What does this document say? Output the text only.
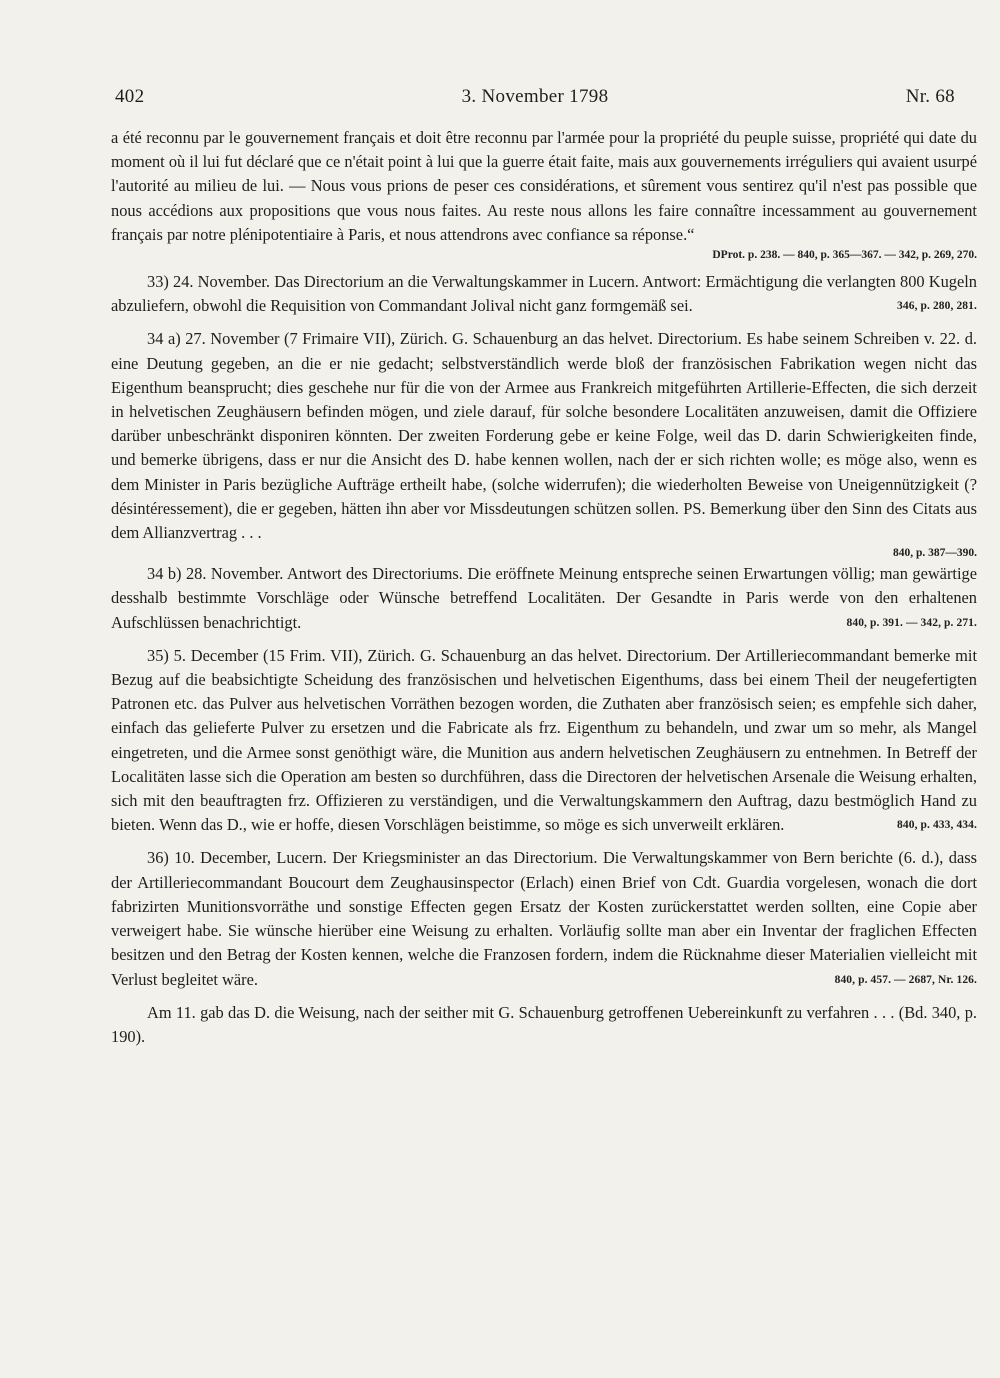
402	3. November 1798	Nr. 68

a été reconnu par le gouvernement français et doit être reconnu par l'armée pour la propriété du peuple suisse, propriété qui date du moment où il lui fut déclaré que ce n'était point à lui que la guerre était faite, mais aux gouvernements irréguliers qui avaient usurpé l'autorité au milieu de lui. — Nous vous prions de peser ces considérations, et sûrement vous sentirez qu'il n'est pas possible que nous accédions aux propositions que vous nous faites. Au reste nous allons les faire connaître incessamment au gouvernement français par notre plénipotentiaire à Paris, et nous attendrons avec confiance sa réponse.“

DProt. p. 238. — 840, p. 365—367. — 342, p. 269, 270.

33) 24. November. Das Directorium an die Verwaltungskammer in Lucern. Antwort: Ermächtigung die verlangten 800 Kugeln abzuliefern, obwohl die Requisition von Commandant Jolival nicht ganz formgemäß sei.	346, p. 280, 281.

34 a) 27. November (7 Frimaire VII), Zürich. G. Schauenburg an das helvet. Directorium. Es habe seinem Schreiben v. 22. d. eine Deutung gegeben, an die er nie gedacht; selbstverständlich werde bloß der französischen Fabrikation wegen nicht das Eigenthum beansprucht; dies geschehe nur für die von der Armee aus Frankreich mitgeführten Artillerie-Effecten, die sich derzeit in helvetischen Zeughäusern befinden mögen, und ziele darauf, für solche besondere Localitäten anzuweisen, damit die Offiziere darüber unbeschränkt disponiren könnten. Der zweiten Forderung gebe er keine Folge, weil das D. darin Schwierigkeiten finde, und bemerke übrigens, dass er nur die Ansicht des D. habe kennen wollen, nach der er sich richten wolle; es möge also, wenn es dem Minister in Paris bezügliche Aufträge ertheilt habe, (solche widerrufen); die wiederholten Beweise von Uneigennützigkeit (?désintéressement), die er gegeben, hätten ihn aber vor Missdeutungen schützen sollen. PS. Bemerkung über den Sinn des Citats aus dem Allianzvertrag . . .

840, p. 387—390.

34 b) 28. November. Antwort des Directoriums. Die eröffnete Meinung entspreche seinen Erwartungen völlig; man gewärtige desshalb bestimmte Vorschläge oder Wünsche betreffend Localitäten. Der Gesandte in Paris werde von den erhaltenen Aufschlüssen benachrichtigt.	840, p. 391. — 342, p. 271.

35) 5. December (15 Frim. VII), Zürich. G. Schauenburg an das helvet. Directorium. Der Artilleriecommandant bemerke mit Bezug auf die beabsichtigte Scheidung des französischen und helvetischen Eigenthums, dass bei einem Theil der neugefertigten Patronen etc. das Pulver aus helvetischen Vorräthen bezogen worden, die Zuthaten aber französisch seien; es empfehle sich daher, einfach das gelieferte Pulver zu ersetzen und die Fabricate als frz. Eigenthum zu behandeln, und zwar um so mehr, als Mangel eingetreten, und die Armee sonst genöthigt wäre, die Munition aus andern helvetischen Zeughäusern zu entnehmen. In Betreff der Localitäten lasse sich die Operation am besten so durchführen, dass die Directoren der helvetischen Arsenale die Weisung erhalten, sich mit den beauftragten frz. Offizieren zu verständigen, und die Verwaltungskammern den Auftrag, dazu bestmöglich Hand zu bieten. Wenn das D., wie er hoffe, diesen Vorschlägen beistimme, so möge es sich unverweilt erklären.	840, p. 433, 434.

36) 10. December, Lucern. Der Kriegsminister an das Directorium. Die Verwaltungskammer von Bern berichte (6. d.), dass der Artilleriecommandant Boucourt dem Zeughausinspector (Erlach) einen Brief von Cdt. Guardia vorgelesen, wonach die dort fabrizirten Munitionsvorräthe und sonstige Effecten gegen Ersatz der Kosten zurückerstattet werden sollten, eine Copie aber verweigert habe. Sie wünsche hierüber eine Weisung zu erhalten. Vorläufig sollte man aber ein Inventar der fraglichen Effecten besitzen und den Betrag der Kosten kennen, welche die Franzosen fordern, indem die Rücknahme dieser Materialien vielleicht mit Verlust begleitet wäre.	840, p. 457. — 2687, Nr. 126.

Am 11. gab das D. die Weisung, nach der seither mit G. Schauenburg getroffenen Uebereinkunft zu verfahren . . . (Bd. 340, p. 190).
